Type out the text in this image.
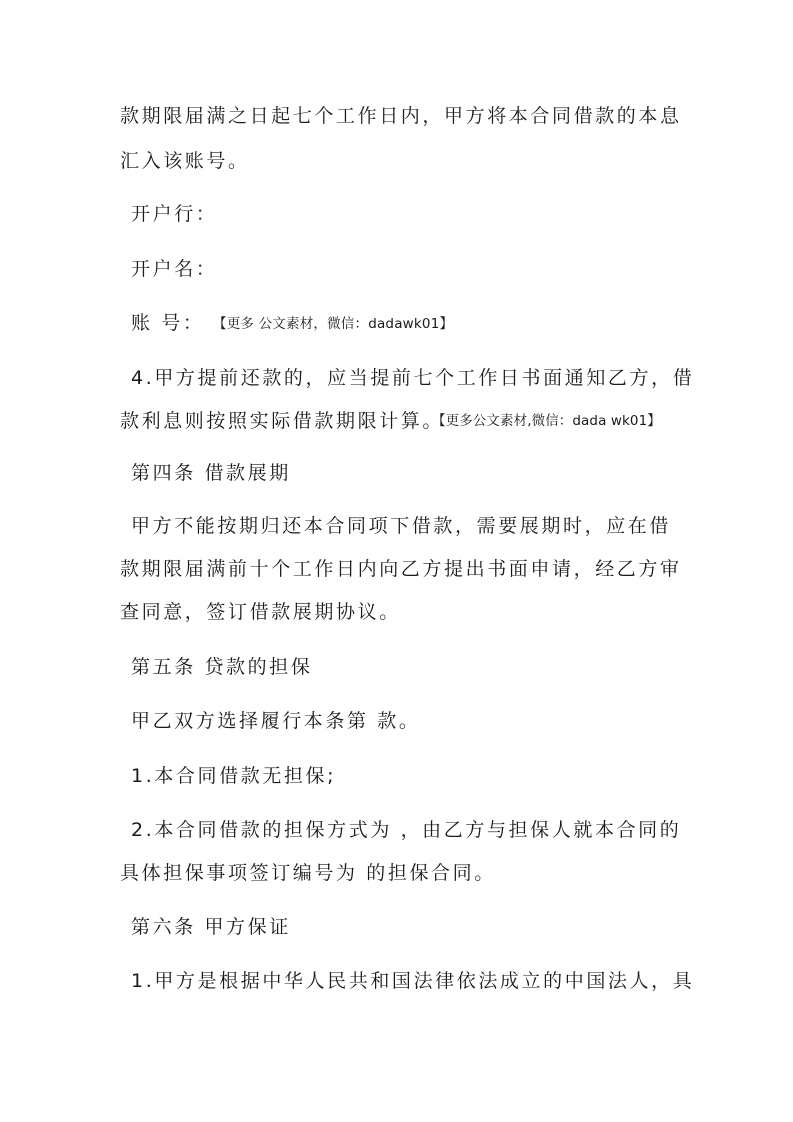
款期限届满之日起七个工作日内，甲方将本合同借款的本息
汇入该账号。
开户行：
开户名：
账 号： 【更多 公文素材，微信：dadawk01】
4.甲方提前还款的，应当提前七个工作日书面通知乙方，借
款利息则按照实际借款期限计算。
【更多公文素材,微信：dada wk01】
第四条 借款展期
甲方不能按期归还本合同项下借款，需要展期时，应在借
款期限届满前十个工作日内向乙方提出书面申请，经乙方审
查同意，签订借款展期协议。
第五条 贷款的担保
甲乙双方选择履行本条第 款。
1.本合同借款无担保;
2.本合同借款的担保方式为 ，由乙方与担保人就本合同的
具体担保事项签订编号为 的担保合同。
第六条 甲方保证
1.甲方是根据中华人民共和国法律依法成立的中国法人，具
